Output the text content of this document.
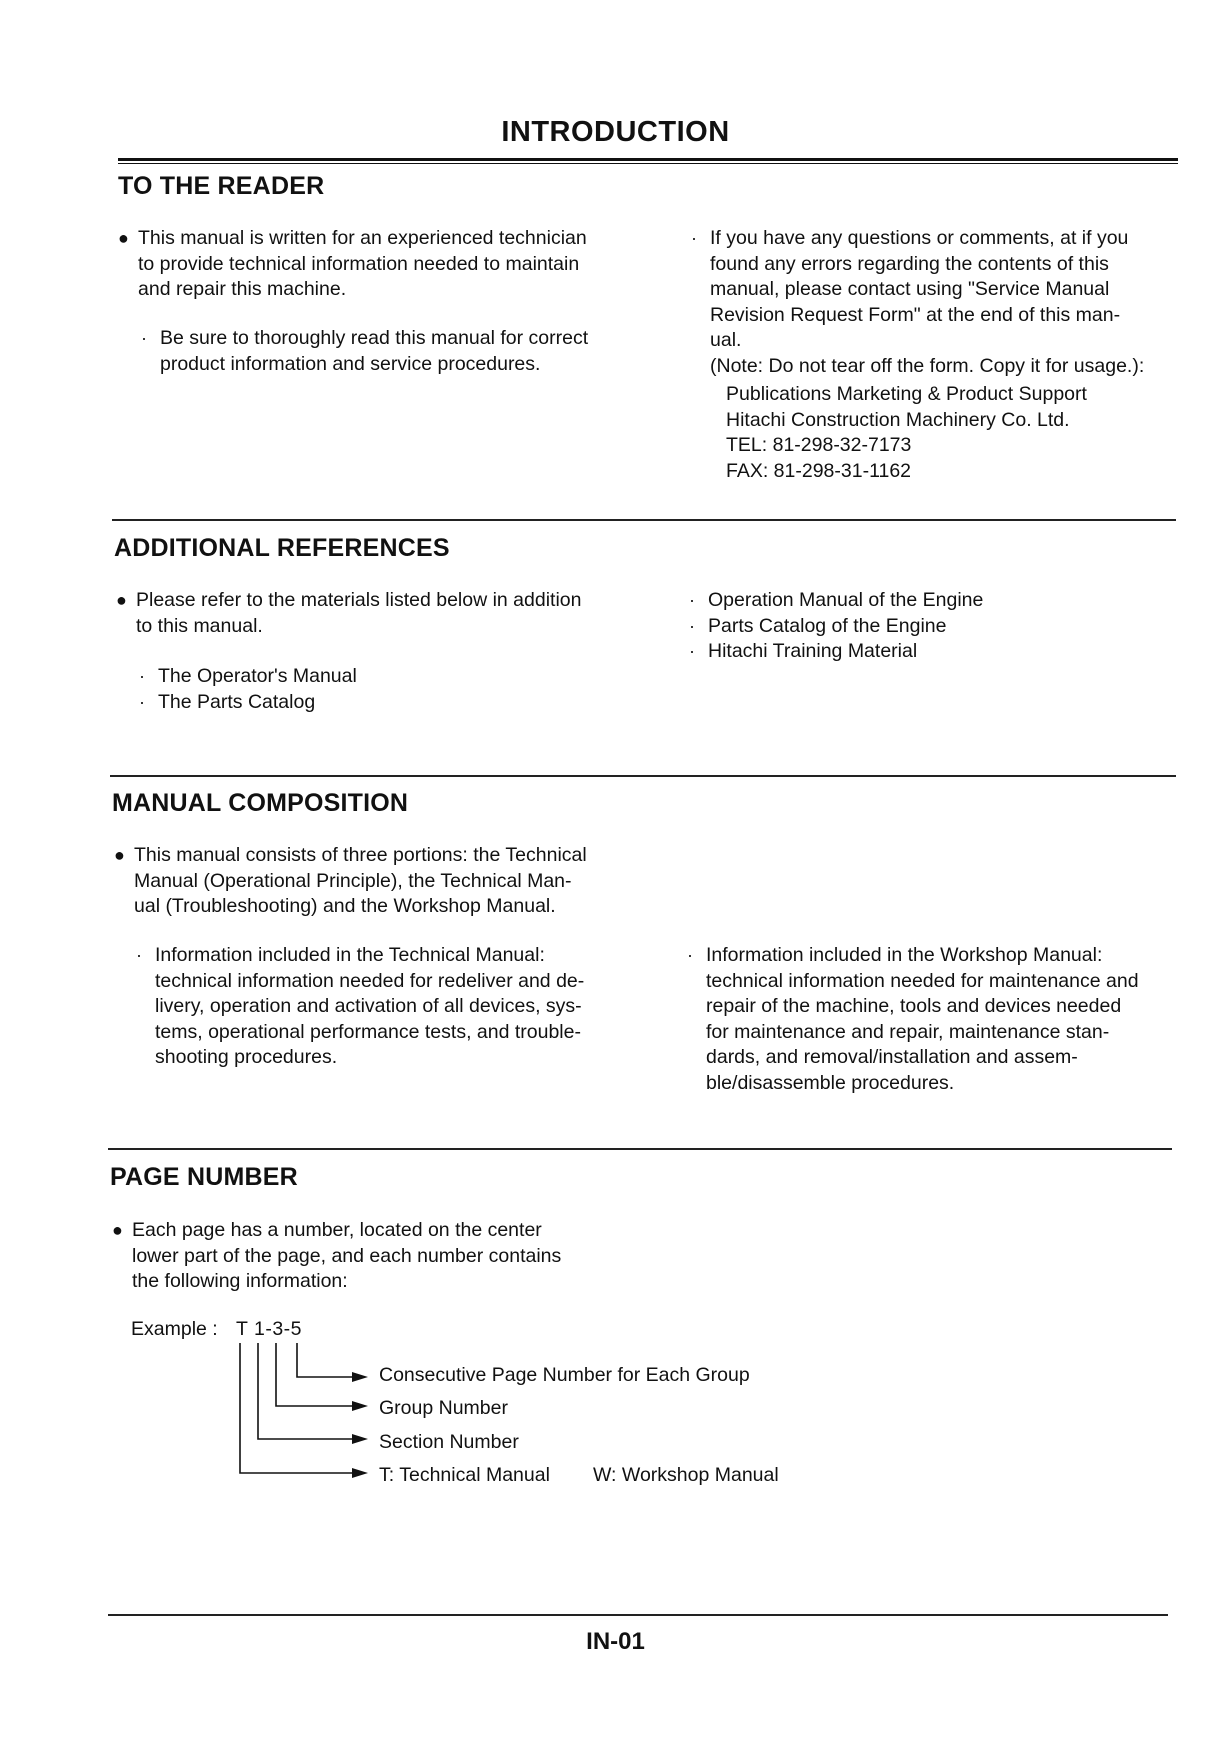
INTRODUCTION
TO THE READER
● This manual is written for an experienced technician
to provide technical information needed to maintain
and repair this machine.
· Be sure to thoroughly read this manual for correct
product information and service procedures.
· If you have any questions or comments, at if you
found any errors regarding the contents of this
manual, please contact using "Service Manual
Revision Request Form" at the end of this man-
ual.
(Note: Do not tear off the form. Copy it for usage.):
Publications Marketing & Product Support
Hitachi Construction Machinery Co. Ltd.
TEL: 81-298-32-7173
FAX: 81-298-31-1162
ADDITIONAL REFERENCES
● Please refer to the materials listed below in addition
to this manual.
· The Operator's Manual
· The Parts Catalog
· Operation Manual of the Engine
· Parts Catalog of the Engine
· Hitachi Training Material
MANUAL COMPOSITION
● This manual consists of three portions: the Technical
Manual (Operational Principle), the Technical Man-
ual (Troubleshooting) and the Workshop Manual.
· Information included in the Technical Manual:
technical information needed for redeliver and de-
livery, operation and activation of all devices, sys-
tems, operational performance tests, and trouble-
shooting procedures.
· Information included in the Workshop Manual:
technical information needed for maintenance and
repair of the machine, tools and devices needed
for maintenance and repair, maintenance stan-
dards, and removal/installation and assem-
ble/disassemble procedures.
PAGE NUMBER
● Each page has a number, located on the center
lower part of the page, and each number contains
the following information:
Example : T 1-3-5
Consecutive Page Number for Each Group
Group Number
Section Number
T: Technical Manual W: Workshop Manual
IN-01
